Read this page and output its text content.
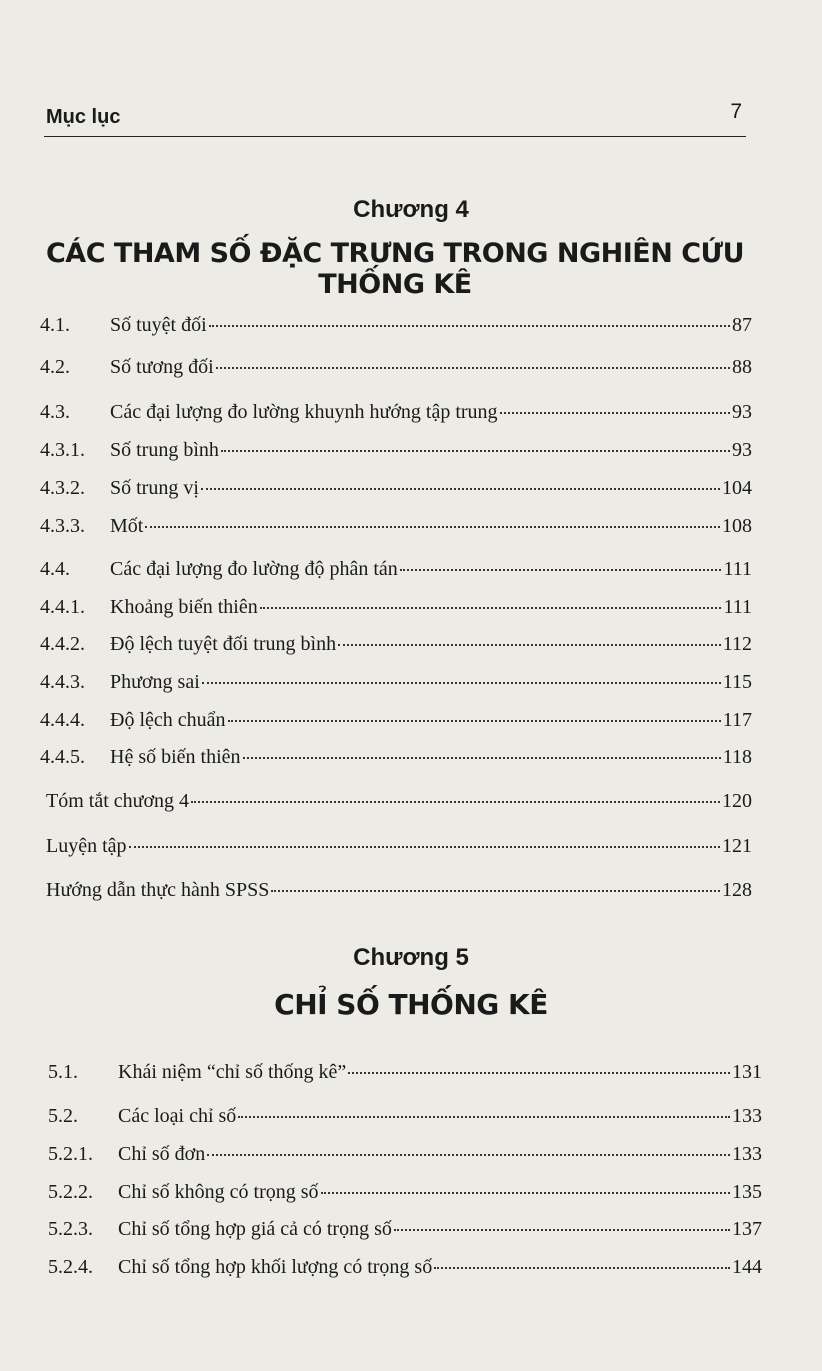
Mục lục	7
Chương 4
CÁC THAM SỐ ĐẶC TRƯNG TRONG NGHIÊN CỨU THỐNG KÊ
4.1.	Số tuyệt đối	87
4.2.	Số tương đối	88
4.3.	Các đại lượng đo lường khuynh hướng tập trung	93
4.3.1.	Số trung bình	93
4.3.2.	Số trung vị	104
4.3.3.	Mốt	108
4.4.	Các đại lượng đo lường độ phân tán	111
4.4.1.	Khoảng biến thiên	111
4.4.2.	Độ lệch tuyệt đối trung bình	112
4.4.3.	Phương sai	115
4.4.4.	Độ lệch chuẩn	117
4.4.5.	Hệ số biến thiên	118
Tóm tắt chương 4	120
Luyện tập	121
Hướng dẫn thực hành SPSS	128
Chương 5
CHỈ SỐ THỐNG KÊ
5.1.	Khái niệm “chỉ số thống kê”	131
5.2.	Các loại chỉ số	133
5.2.1.	Chỉ số đơn	133
5.2.2.	Chỉ số không có trọng số	135
5.2.3.	Chỉ số tổng hợp giá cả có trọng số	137
5.2.4.	Chỉ số tổng hợp khối lượng có trọng số	144
